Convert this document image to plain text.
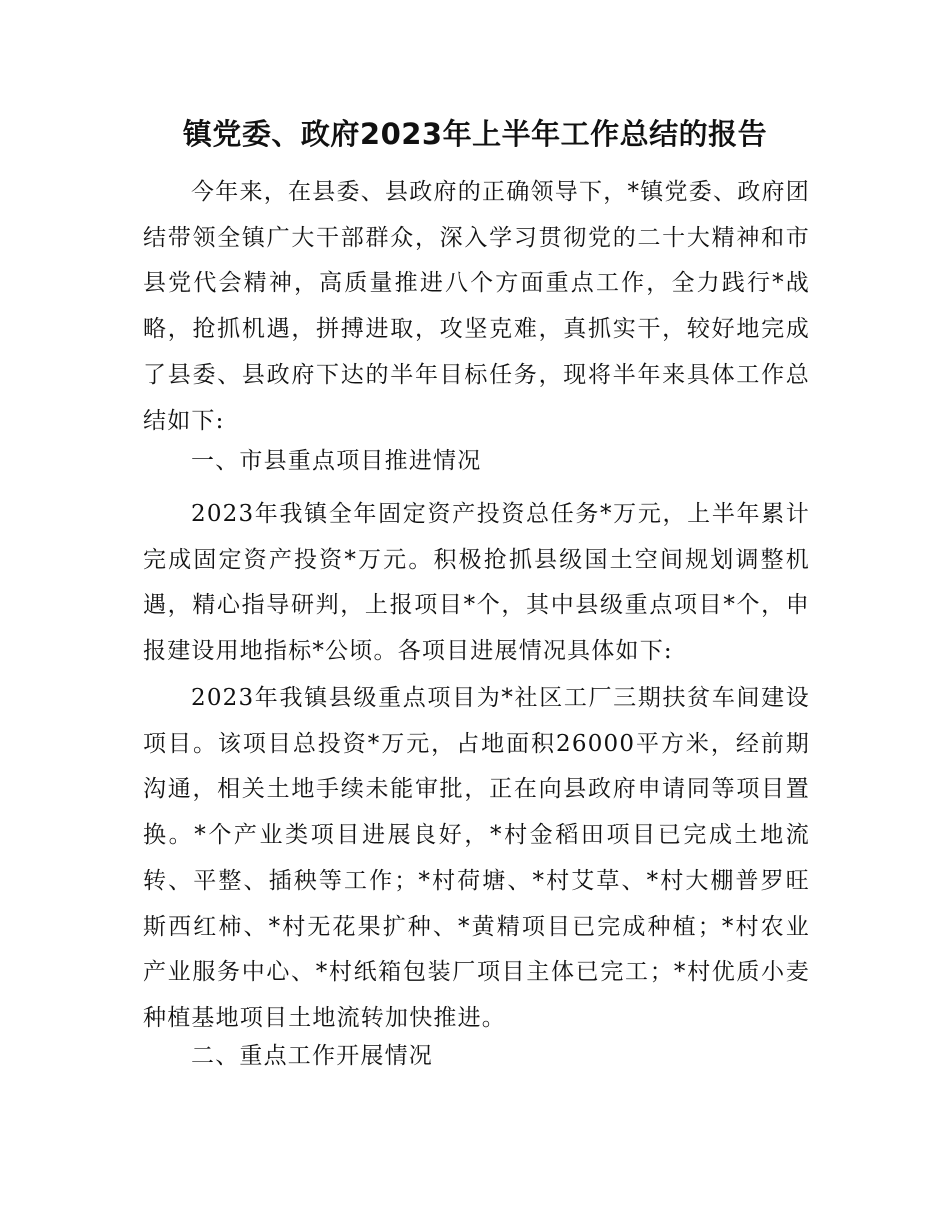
镇党委、政府2023年上半年工作总结的报告

今年来，在县委、县政府的正确领导下，*镇党委、政府团结带领全镇广大干部群众，深入学习贯彻党的二十大精神和市县党代会精神，高质量推进八个方面重点工作，全力践行*战略，抢抓机遇，拼搏进取，攻坚克难，真抓实干，较好地完成了县委、县政府下达的半年目标任务，现将半年来具体工作总结如下:

一、市县重点项目推进情况

2023年我镇全年固定资产投资总任务*万元，上半年累计完成固定资产投资*万元。积极抢抓县级国土空间规划调整机遇，精心指导研判，上报项目*个，其中县级重点项目*个，申报建设用地指标*公顷。各项目进展情况具体如下:

2023年我镇县级重点项目为*社区工厂三期扶贫车间建设项目。该项目总投资*万元，占地面积26000平方米，经前期沟通，相关土地手续未能审批，正在向县政府申请同等项目置换。*个产业类项目进展良好，*村金稻田项目已完成土地流转、平整、插秧等工作；*村荷塘、*村艾草、*村大棚普罗旺斯西红柿、*村无花果扩种、*黄精项目已完成种植；*村农业产业服务中心、*村纸箱包装厂项目主体已完工；*村优质小麦种植基地项目土地流转加快推进。

二、重点工作开展情况
